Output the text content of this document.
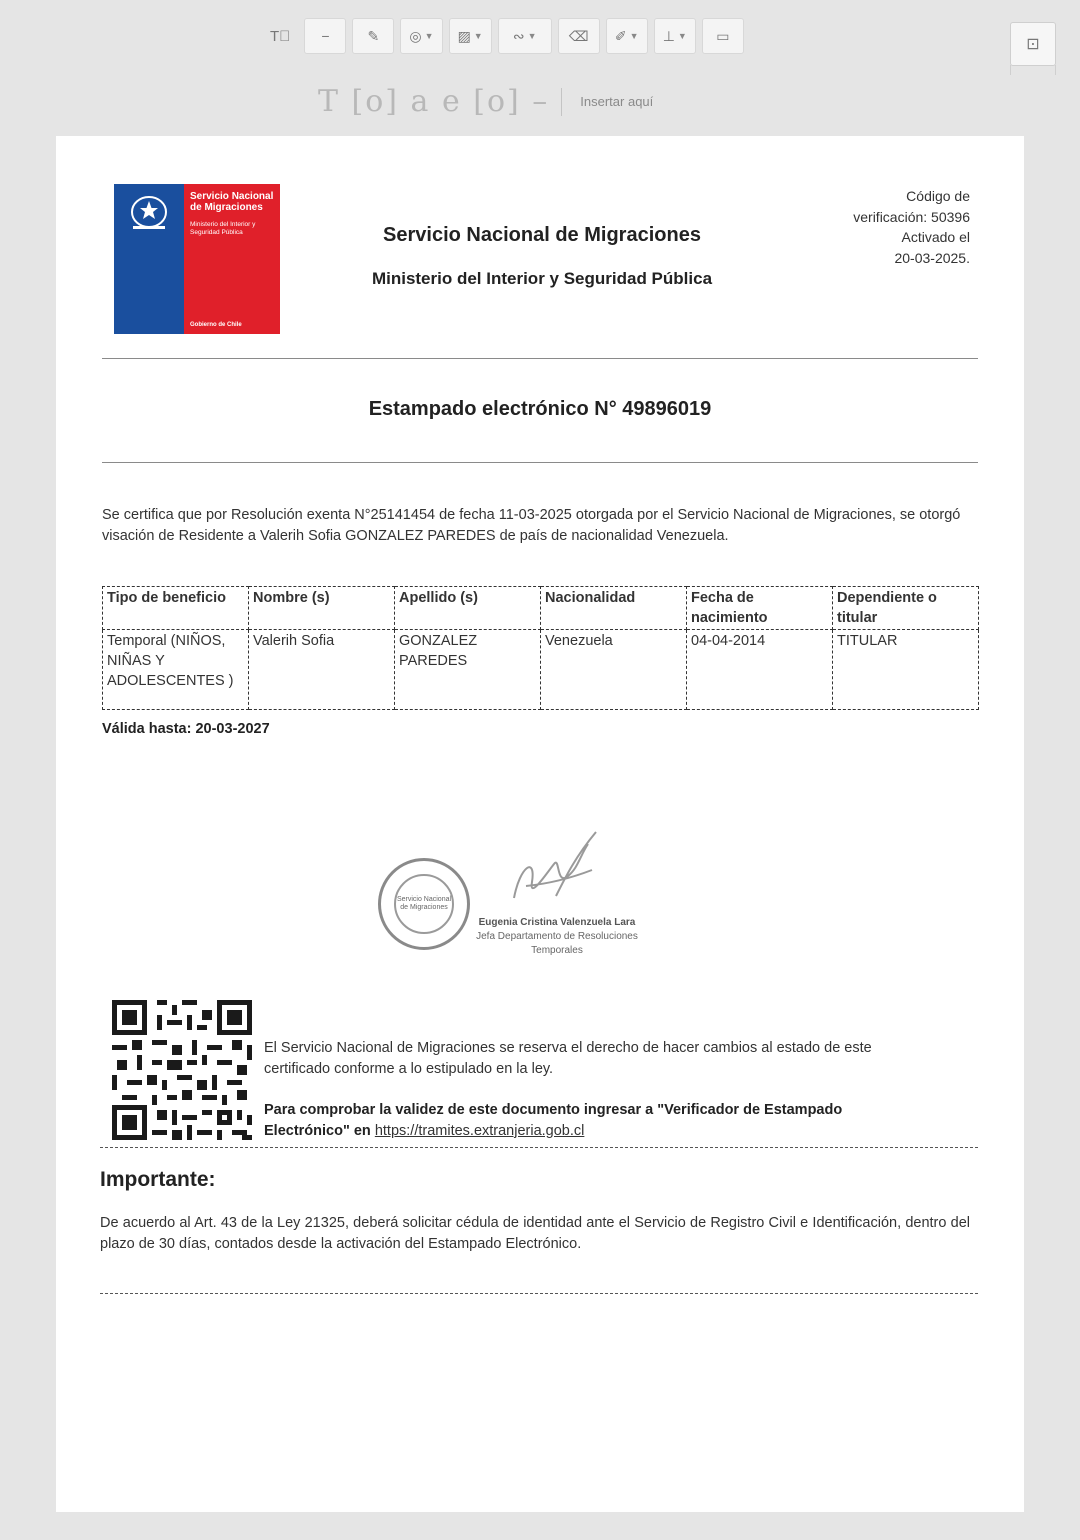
T⃞ −	✎ ◎ ▼ ▨ ▼ ∾ ▼ ⌫ ✐ ▼ ⊥ ▼ ▭
⊡
T [o] a e [o] – Insertar aquí
Servicio Nacional de Migraciones
Ministerio del Interior y Seguridad Pública
Gobierno de Chile
Servicio Nacional de Migraciones
Ministerio del Interior y Seguridad Pública
Código de
verificación: 50396
Activado el
20-03-2025.
Estampado electrónico N° 49896019
Se certifica que por Resolución exenta N°25141454 de fecha 11-03-2025 otorgada por el Servicio Nacional de Migraciones, se otorgó visación de Residente a Valerih Sofia GONZALEZ PAREDES de país de nacionalidad Venezuela.
Tipo de beneficio	Nombre (s)	Apellido (s)	Nacionalidad	Fecha de nacimiento	Dependiente o titular
Temporal (NIÑOS, NIÑAS Y ADOLESCENTES )	Valerih Sofia	GONZALEZ PAREDES	Venezuela	04-04-2014	TITULAR
Válida hasta: 20-03-2027
Servicio Nacional de Migraciones
Eugenia Cristina Valenzuela Lara
Jefa Departamento de Resoluciones Temporales
El Servicio Nacional de Migraciones se reserva el derecho de hacer cambios al estado de este certificado conforme a lo estipulado en la ley.
Para comprobar la validez de este documento ingresar a "Verificador de Estampado Electrónico" en https://tramites.extranjeria.gob.cl
Importante:
De acuerdo al Art. 43 de la Ley 21325, deberá solicitar cédula de identidad ante el Servicio de Registro Civil e Identificación, dentro del plazo de 30 días, contados desde la activación del Estampado Electrónico.
